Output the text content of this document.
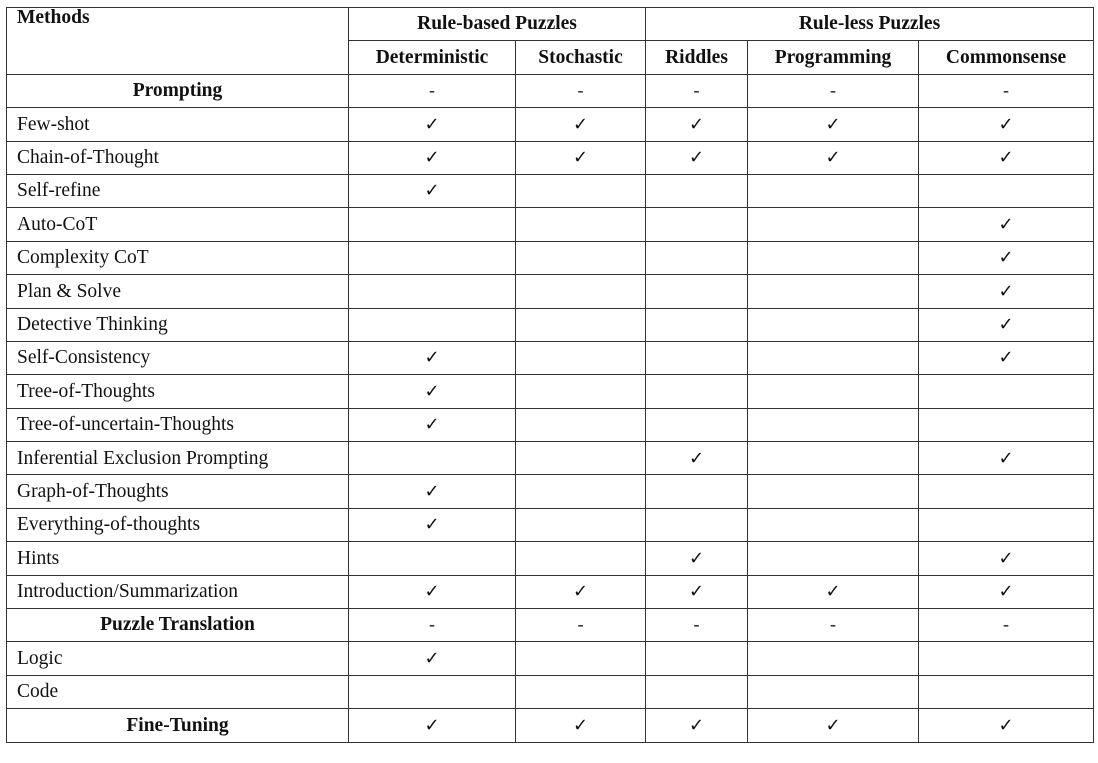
Methods	Rule-based Puzzles		Rule-less Puzzles		
	Deterministic	Stochastic	Riddles	Programming	Commonsense
Prompting	-	-	-	-	-
Few-shot	✓	✓	✓	✓	✓
Chain-of-Thought	✓	✓	✓	✓	✓
Self-refine	✓				
Auto-CoT					✓
Complexity CoT					✓
Plan & Solve					✓
Detective Thinking					✓
Self-Consistency	✓				✓
Tree-of-Thoughts	✓				
Tree-of-uncertain-Thoughts	✓				
Inferential Exclusion Prompting			✓		✓
Graph-of-Thoughts	✓				
Everything-of-thoughts	✓				
Hints			✓		✓
Introduction/Summarization	✓	✓	✓	✓	✓
Puzzle Translation	-	-	-	-	-
Logic	✓				
Code					
Fine-Tuning	✓	✓	✓	✓	✓
